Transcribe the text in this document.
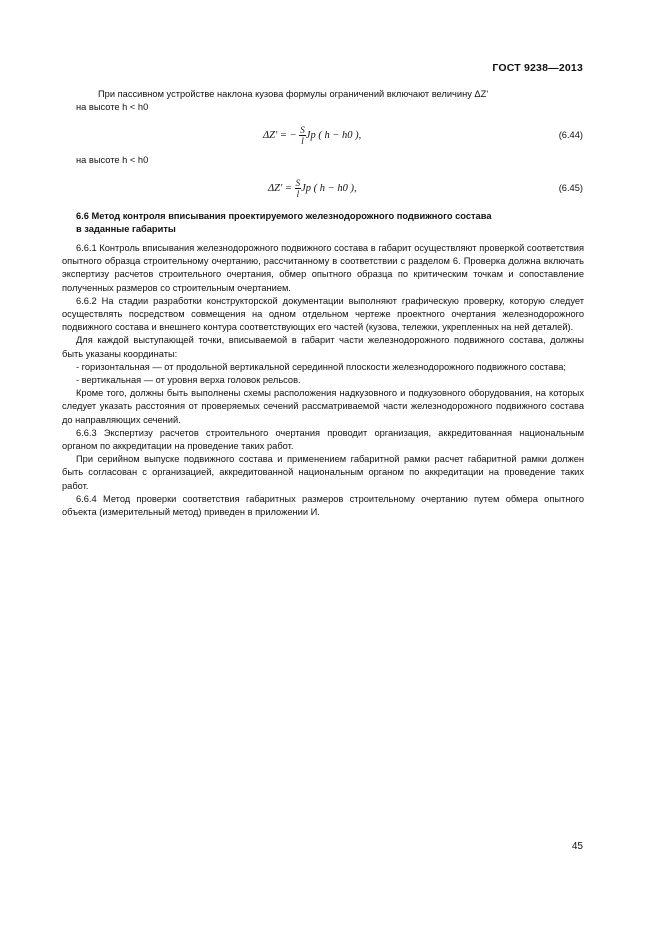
ГОСТ 9238—2013

При пассивном устройстве наклона кузова формулы ограничений включают величину ΔZ'

на высоте h < h0

ΔZ' = − $\frac{S}{l}$ Jp ( h − h0 ),	(6.44)

на высоте h < h0

$\Delta Z' = \frac{S}{l}$ Jp ( h − h0 ),	(6.45)

6.6 Метод контроля вписывания проектируемого железнодорожного подвижного состава

в заданные габариты

6.6.1 Контроль вписывания железнодорожного подвижного состава в габарит осуществляют проверкой соответствия опытного образца строительному очертанию, рассчитанному в соответствии с разделом 6. Проверка должна включать экспертизу расчетов строительного очертания, обмер опытного образца по критическим точкам и сопоставление полученных размеров со строительным очертанием.

6.6.2 На стадии разработки конструкторской документации выполняют графическую проверку, которую следует осуществлять посредством совмещения на одном отдельном чертеже проектного очертания железнодорожного подвижного состава и внешнего контура соответствующих его частей (кузова, тележки, укрепленных на ней деталей).

Для каждой выступающей точки, вписываемой в габарит части железнодорожного подвижного состава, должны быть указаны координаты:

- горизонтальная — от продольной вертикальной серединной плоскости железнодорожного подвижного состава;

- вертикальная — от уровня верха головок рельсов.

Кроме того, должны быть выполнены схемы расположения надкузовного и подкузовного оборудования, на которых следует указать расстояния от проверяемых сечений рассматриваемой части железнодорожного подвижного состава до направляющих сечений.

6.6.3 Экспертизу расчетов строительного очертания проводит организация, аккредитованная национальным органом по аккредитации на проведение таких работ.

При серийном выпуске подвижного состава и применением габаритной рамки расчет габаритной рамки должен быть согласован с организацией, аккредитованной национальным органом по аккредитации на проведение таких работ.

6.6.4 Метод проверки соответствия габаритных размеров строительному очертанию путем обмера опытного объекта (измерительный метод) приведен в приложении И.

45
